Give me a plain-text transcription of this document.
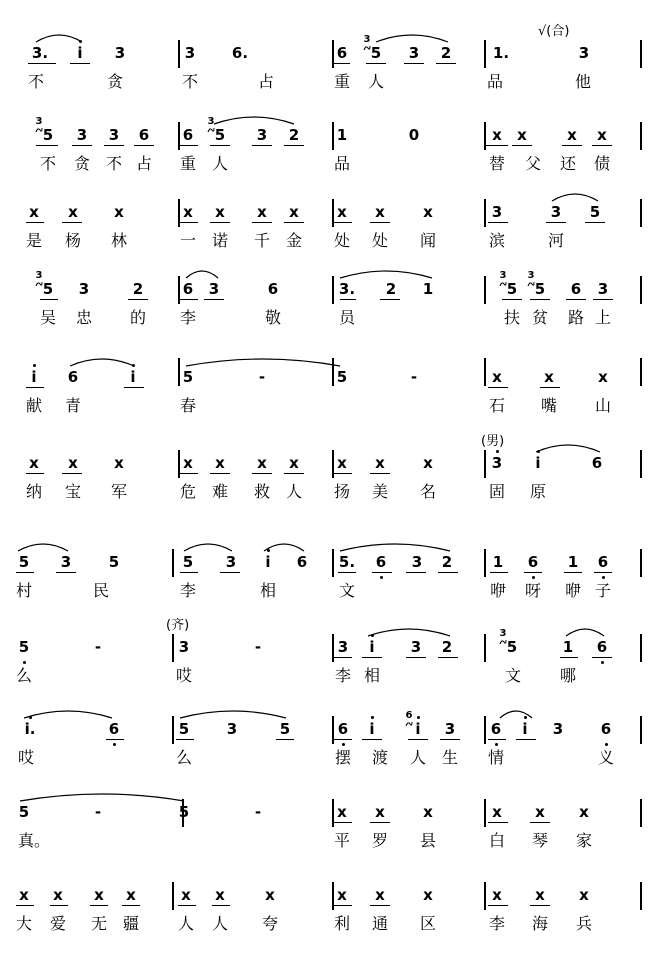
3. i 3	3 6.	6 5
3
3 2	1.	3
不	贪	不	占	重 人	品	他
√(合)
5
3
3 3 6 6 5
3
3 2	1	0	x x	x x
不 贪 不 占 重 人	品	替 父 还 债
x x x	x x x x	x x	x	3	3 5
是 杨 林	一 诺 千 金 处 处 闻	滨	河
5
3
3	2	6 3	6	3. 2 1	5
3
5
3
6 3
吴 忠 的 李	敬	员	扶 贫 路 上
i 6	i	5	-	5	-	x	x	x
献 青	春	石 嘴 山
x x x	x x x x	x x	x	3 i	6
纳 宝 军	危 难 救 人 扬 美 名	固 原
(男)
5 3	5	5 3 i 6 5. 6 3 2	1 6 1 6
村	民	李	相	文	咿 呀 咿 子
5	-	3	-	3 i 3 2	5
3
1 6
么	哎	李 相	文 哪
(齐)
i.	6	5	3	5	6 i	i
6
3 6 i 3	6
哎	么	摆 渡 人 生 情	义
5	-	5	-	x x	x	x x x
真。	平 罗 县	白 琴 家
x x x x	x x	x	x x	x	x x x
大 爱 无 疆 人 人 夸	利 通 区	李 海 兵
